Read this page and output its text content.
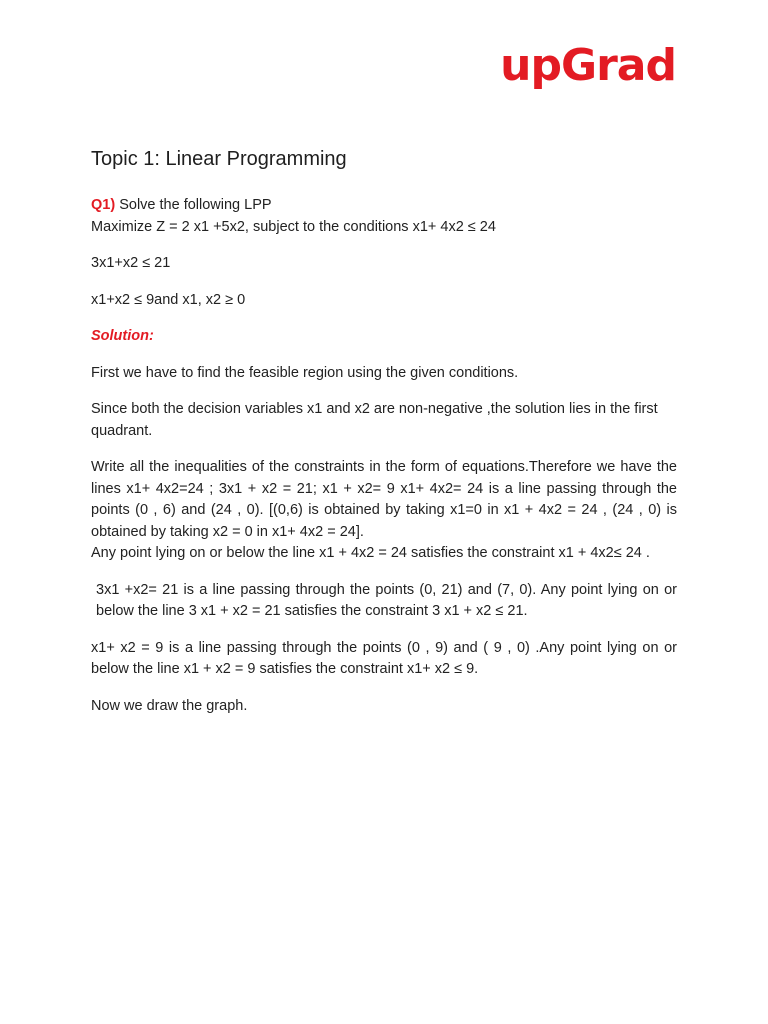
upGrad
Topic 1: Linear Programming

Q1) Solve the following LPP

Maximize Z = 2 x1 +5x2, subject to the conditions x1+ 4x2 ≤ 24

3x1+x2 ≤ 21

x1+x2 ≤ 9and x1, x2 ≥ 0

Solution:

First we have to find the feasible region using the given conditions.

Since both the decision variables x1 and x2 are non-negative ,the solution lies in the first quadrant.

Write all the inequalities of the constraints in the form of equations.Therefore we have the lines x1+ 4x2=24 ; 3x1 + x2 = 21; x1 + x2= 9 x1+ 4x2= 24 is a line passing through the points (0 , 6) and (24 , 0). [(0,6) is obtained by taking x1=0 in x1 + 4x2 = 24 , (24 , 0) is obtained by taking x2 = 0 in x1+ 4x2 = 24].

Any point lying on or below the line x1 + 4x2 = 24 satisfies the constraint x1 + 4x2≤ 24 .

3x1 +x2= 21 is a line passing through the points (0, 21) and (7, 0). Any point lying on or below the line 3 x1 + x2 = 21 satisfies the constraint 3 x1 + x2 ≤ 21.

x1+ x2 = 9 is a line passing through the points (0 , 9) and ( 9 , 0) .Any point lying on or below the line x1 + x2 = 9 satisfies the constraint x1+ x2 ≤ 9.

Now we draw the graph.
